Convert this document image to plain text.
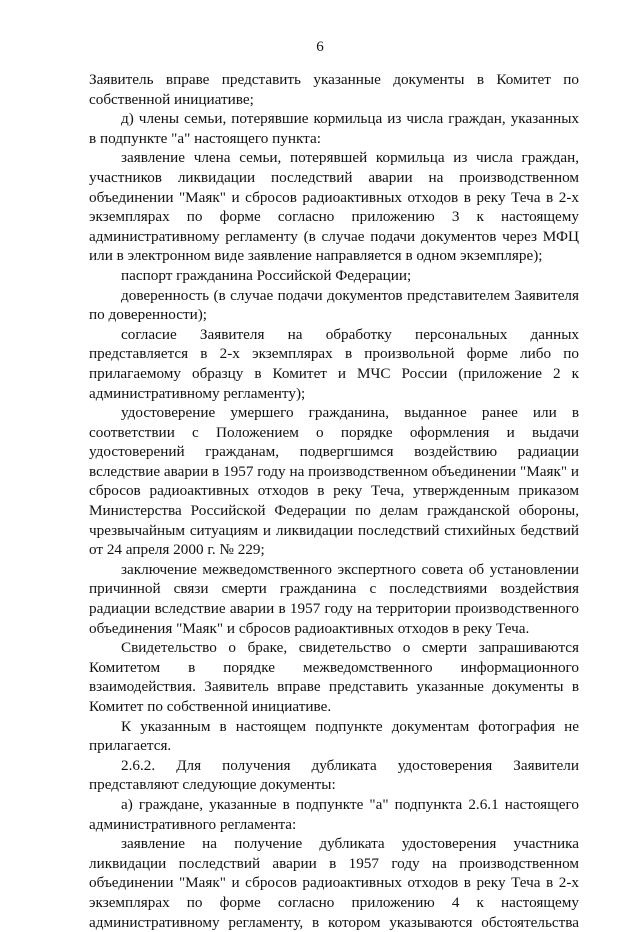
6

Заявитель вправе представить указанные документы в Комитет по собственной инициативе;

д) члены семьи, потерявшие кормильца из числа граждан, указанных в подпункте "а" настоящего пункта:

заявление члена семьи, потерявшей кормильца из числа граждан, участников ликвидации последствий аварии на производственном объединении "Маяк" и сбросов радиоактивных отходов в реку Теча в 2-х экземплярах по форме согласно приложению 3 к настоящему административному регламенту (в случае подачи документов через МФЦ или в электронном виде заявление направляется в одном экземпляре);

паспорт гражданина Российской Федерации;

доверенность (в случае подачи документов представителем Заявителя по доверенности);

согласие Заявителя на обработку персональных данных представляется в 2-х экземплярах в произвольной форме либо по прилагаемому образцу в Комитет и МЧС России (приложение 2 к административному регламенту);

удостоверение умершего гражданина, выданное ранее или в соответствии с Положением о порядке оформления и выдачи удостоверений гражданам, подвергшимся воздействию радиации вследствие аварии в 1957 году на производственном объединении "Маяк" и сбросов радиоактивных отходов в реку Теча, утвержденным приказом Министерства Российской Федерации по делам гражданской обороны, чрезвычайным ситуациям и ликвидации последствий стихийных бедствий от 24 апреля 2000 г. № 229;

заключение межведомственного экспертного совета об установлении причинной связи смерти гражданина с последствиями воздействия радиации вследствие аварии в 1957 году на территории производственного объединения "Маяк" и сбросов радиоактивных отходов в реку Теча.

Свидетельство о браке, свидетельство о смерти запрашиваются Комитетом в порядке межведомственного информационного взаимодействия. Заявитель вправе представить указанные документы в Комитет по собственной инициативе.

К указанным в настоящем подпункте документам фотография не прилагается.

2.6.2. Для получения дубликата удостоверения Заявители представляют следующие документы:

а) граждане, указанные в подпункте "а" подпункта 2.6.1 настоящего административного регламента:

заявление на получение дубликата удостоверения участника ликвидации последствий аварии в 1957 году на производственном объединении "Маяк" и сбросов радиоактивных отходов в реку Теча в 2-х экземплярах по форме согласно приложению 4 к настоящему административному регламенту, в котором указываются обстоятельства
